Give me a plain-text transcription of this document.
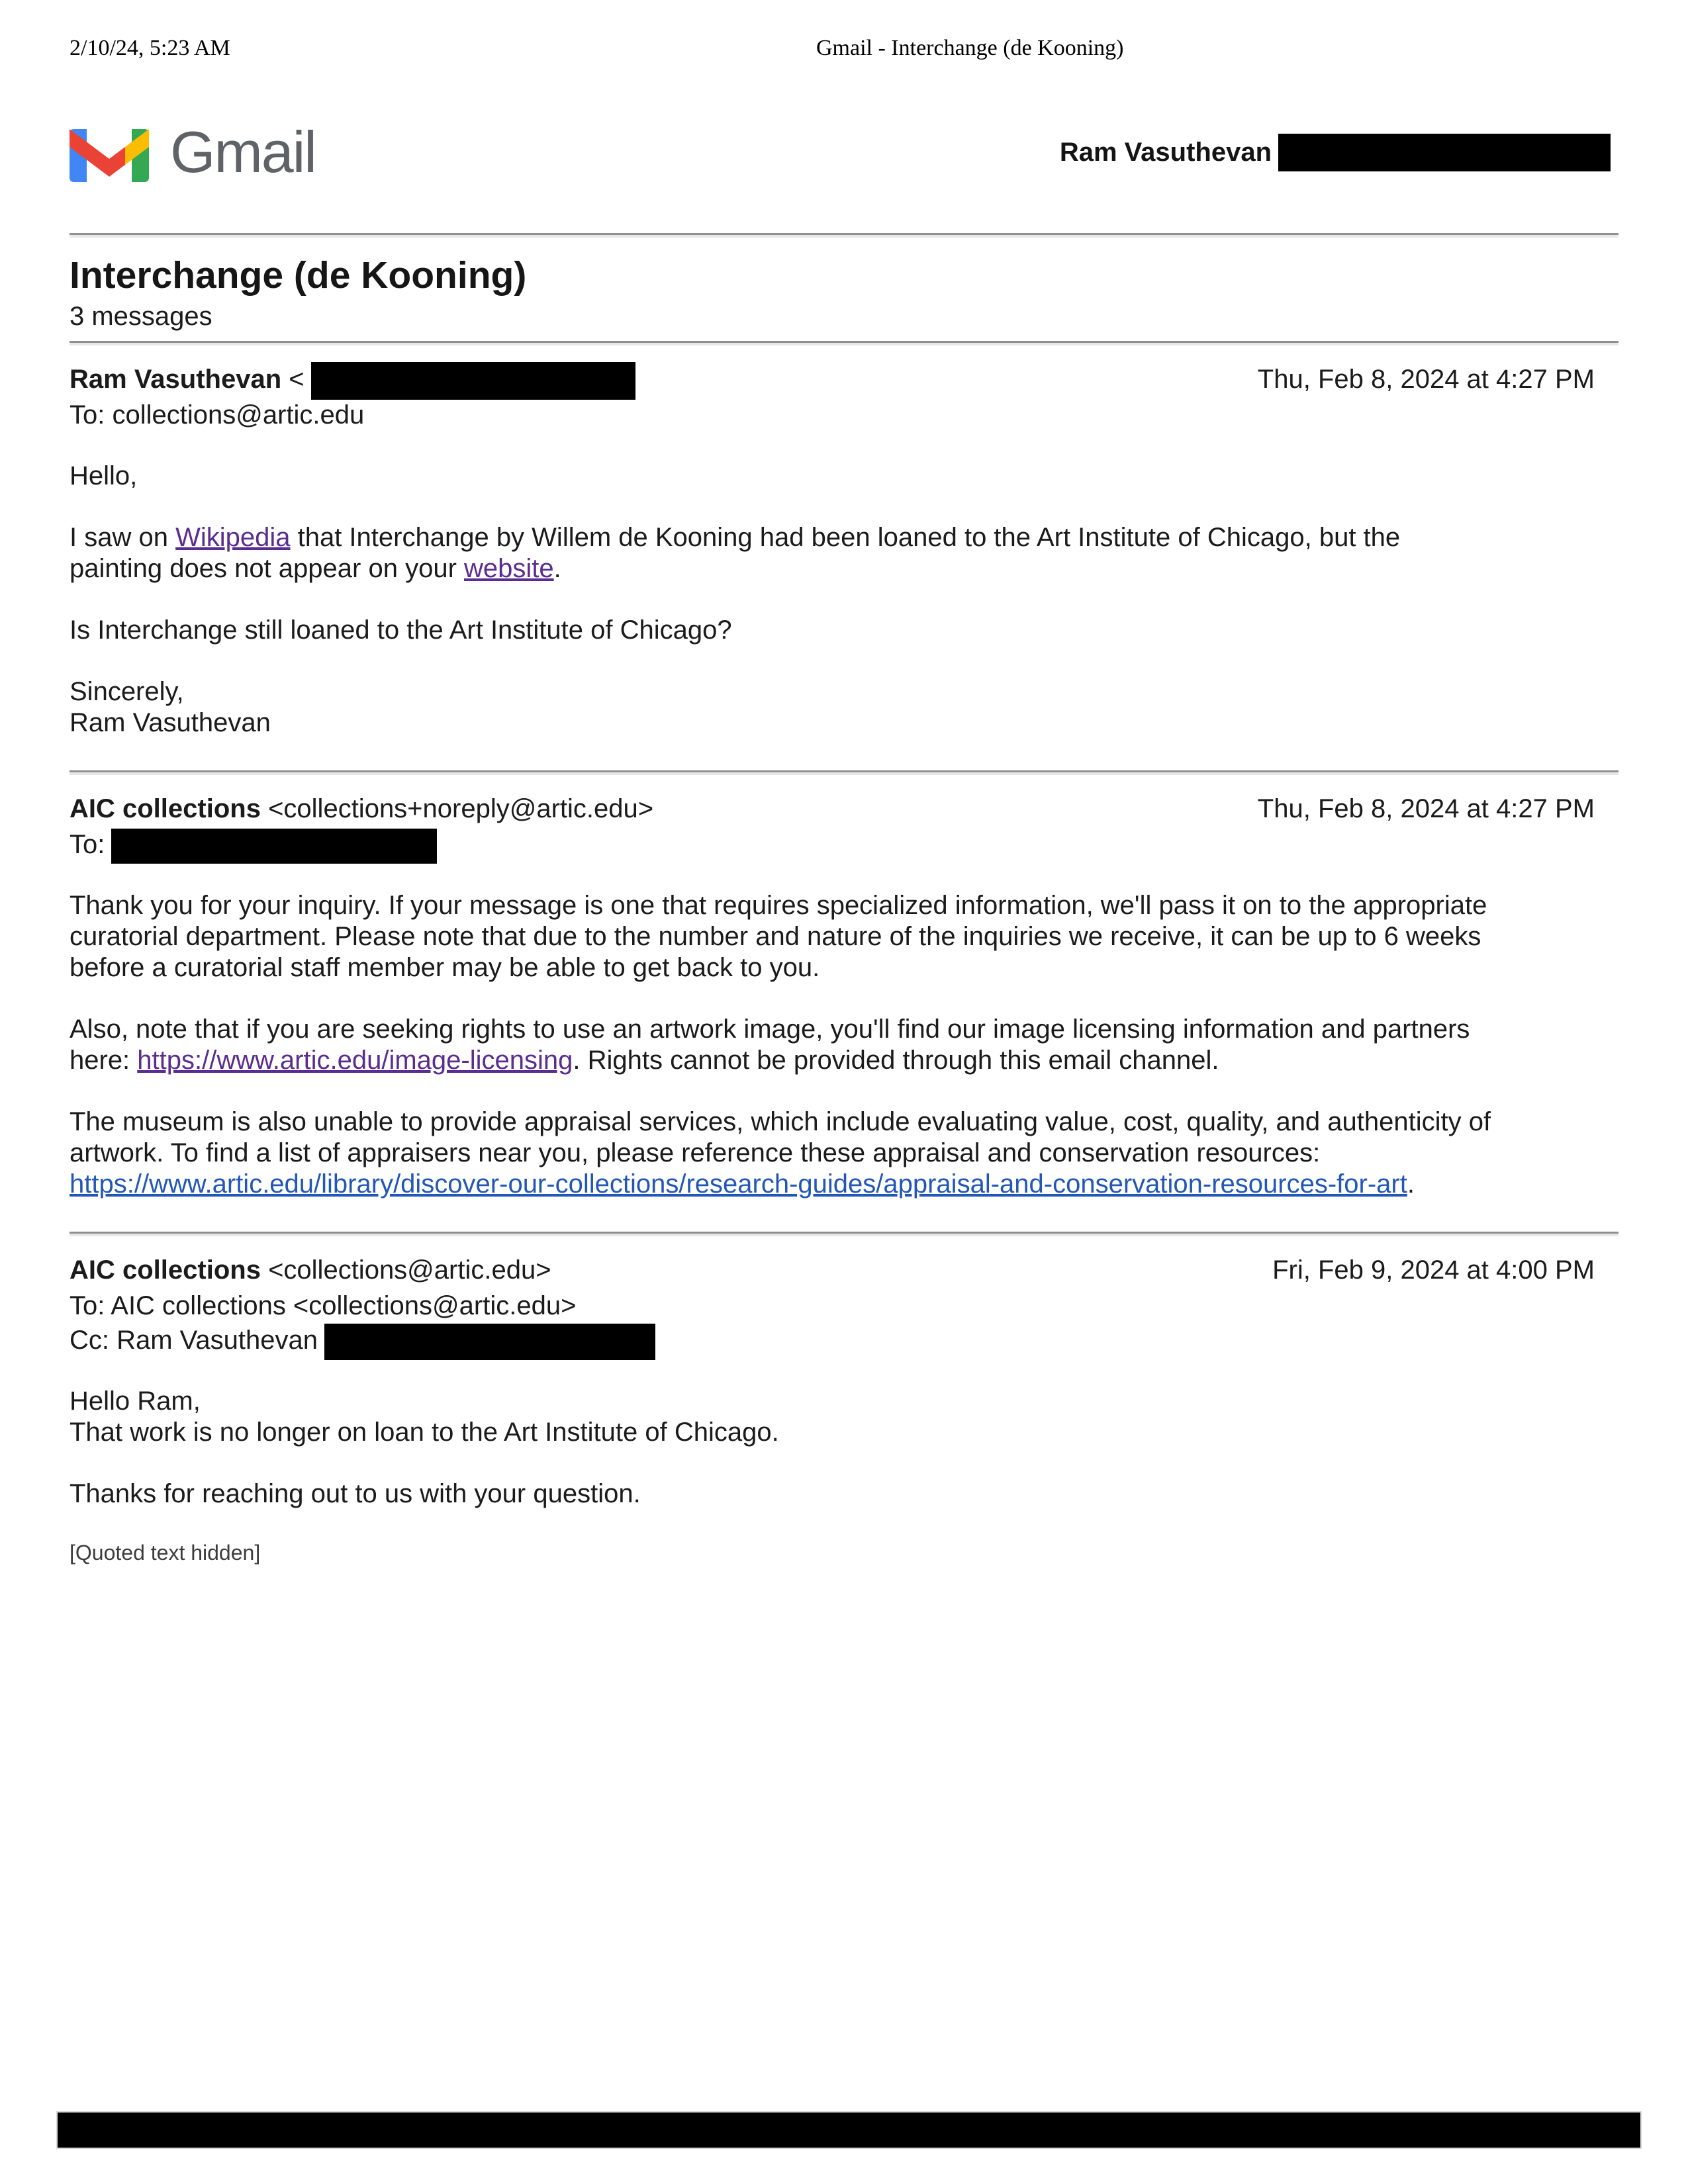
2/10/24, 5:23 AM	Gmail - Interchange (de Kooning)
Gmail	Ram Vasuthevan
Interchange (de Kooning)
3 messages
Ram Vasuthevan <	Thu, Feb 8, 2024 at 4:27 PM
To: collections@artic.edu
Hello,
I saw on Wikipedia that Interchange by Willem de Kooning had been loaned to the Art Institute of Chicago, but the
painting does not appear on your website.
Is Interchange still loaned to the Art Institute of Chicago?
Sincerely,
Ram Vasuthevan
AIC collections <collections+noreply@artic.edu>	Thu, Feb 8, 2024 at 4:27 PM
To:
Thank you for your inquiry. If your message is one that requires specialized information, we'll pass it on to the appropriate
curatorial department. Please note that due to the number and nature of the inquiries we receive, it can be up to 6 weeks
before a curatorial staff member may be able to get back to you.
Also, note that if you are seeking rights to use an artwork image, you'll find our image licensing information and partners
here: https://www.artic.edu/image-licensing. Rights cannot be provided through this email channel.
The museum is also unable to provide appraisal services, which include evaluating value, cost, quality, and authenticity of
artwork. To find a list of appraisers near you, please reference these appraisal and conservation resources:
https://www.artic.edu/library/discover-our-collections/research-guides/appraisal-and-conservation-resources-for-art.
AIC collections <collections@artic.edu>	Fri, Feb 9, 2024 at 4:00 PM
To: AIC collections <collections@artic.edu>
Cc: Ram Vasuthevan
Hello Ram,
That work is no longer on loan to the Art Institute of Chicago.
Thanks for reaching out to us with your question.
[Quoted text hidden]
